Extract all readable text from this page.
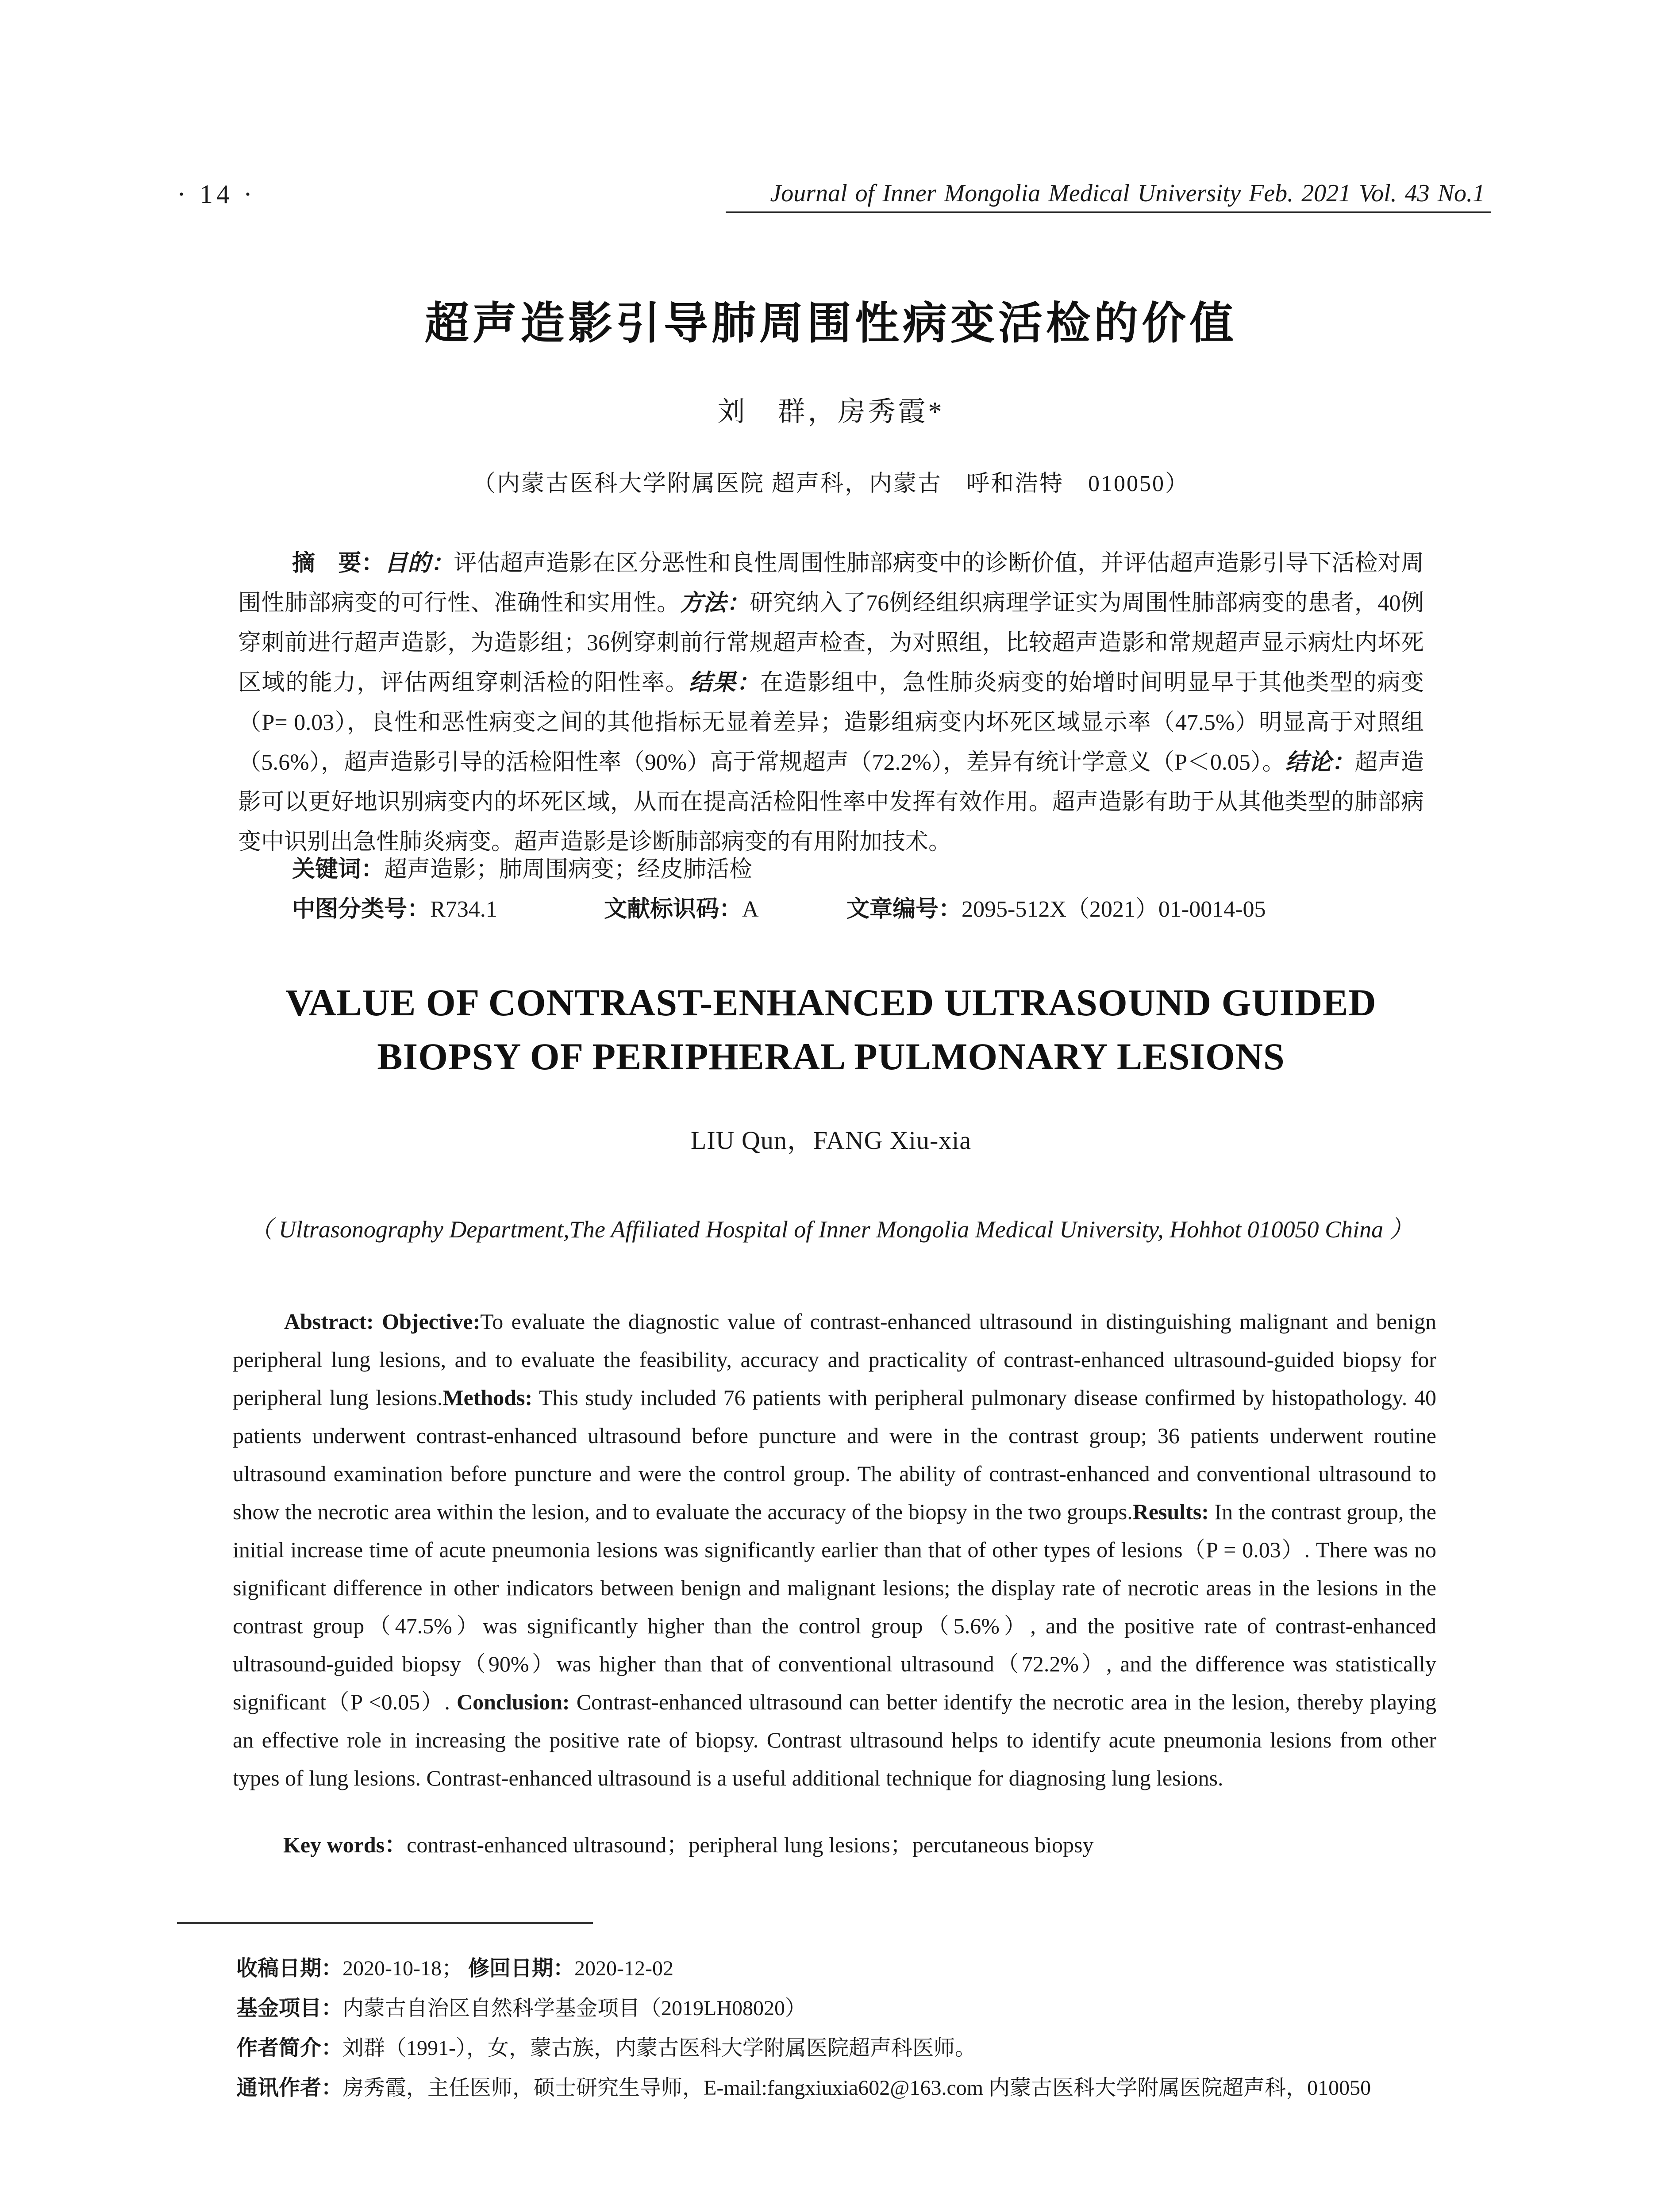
· 14 ·	Journal of Inner Mongolia Medical University Feb. 2021 Vol. 43 No.1
超声造影引导肺周围性病变活检的价值
刘　群，房秀霞*
（内蒙古医科大学附属医院 超声科，内蒙古　呼和浩特　010050）

摘　要：目的：评估超声造影在区分恶性和良性周围性肺部病变中的诊断价值，并评估超声造影引导下活检对周围性肺部病变的可行性、准确性和实用性。方法：研究纳入了76例经组织病理学证实为周围性肺部病变的患者，40例穿刺前进行超声造影，为造影组；36例穿刺前行常规超声检查，为对照组，比较超声造影和常规超声显示病灶内坏死区域的能力，评估两组穿刺活检的阳性率。结果：在造影组中，急性肺炎病变的始增时间明显早于其他类型的病变（P= 0.03），良性和恶性病变之间的其他指标无显着差异；造影组病变内坏死区域显示率（47.5%）明显高于对照组（5.6%），超声造影引导的活检阳性率（90%）高于常规超声（72.2%），差异有统计学意义（P＜0.05）。结论：超声造影可以更好地识别病变内的坏死区域，从而在提高活检阳性率中发挥有效作用。超声造影有助于从其他类型的肺部病变中识别出急性肺炎病变。超声造影是诊断肺部病变的有用附加技术。

关键词：超声造影；肺周围病变；经皮肺活检
中图分类号：R734.1	文献标识码：A	文章编号：2095-512X（2021）01-0014-05
VALUE OF CONTRAST-ENHANCED ULTRASOUND GUIDED
BIOPSY OF PERIPHERAL PULMONARY LESIONS
LIU Qun，FANG Xiu-xia
（ Ultrasonography Department,The Affiliated Hospital of Inner Mongolia Medical University, Hohhot 010050 China ）

Abstract: Objective:To evaluate the diagnostic value of contrast-enhanced ultrasound in distinguishing malignant and benign peripheral lung lesions, and to evaluate the feasibility, accuracy and practicality of contrast-enhanced ultrasound-guided biopsy for peripheral lung lesions.Methods: This study included 76 patients with peripheral pulmonary disease confirmed by histopathology. 40 patients underwent contrast-enhanced ultrasound before puncture and were in the contrast group; 36 patients underwent routine ultrasound examination before puncture and were the control group. The ability of contrast-enhanced and conventional ultrasound to show the necrotic area within the lesion, and to evaluate the accuracy of the biopsy in the two groups.Results: In the contrast group, the initial increase time of acute pneumonia lesions was significantly earlier than that of other types of lesions（P = 0.03）. There was no significant difference in other indicators between benign and malignant lesions; the display rate of necrotic areas in the lesions in the contrast group（47.5%）was significantly higher than the control group（5.6%）, and the positive rate of contrast-enhanced ultrasound-guided biopsy（90%）was higher than that of conventional ultrasound（72.2%）, and the difference was statistically significant（P <0.05）. Conclusion: Contrast-enhanced ultrasound can better identify the necrotic area in the lesion, thereby playing an effective role in increasing the positive rate of biopsy. Contrast ultrasound helps to identify acute pneumonia lesions from other types of lung lesions. Contrast-enhanced ultrasound is a useful additional technique for diagnosing lung lesions.

Key words：contrast-enhanced ultrasound；peripheral lung lesions；percutaneous biopsy
收稿日期：2020-10-18； 修回日期：2020-12-02
基金项目：内蒙古自治区自然科学基金项目（2019LH08020）
作者简介：刘群（1991-），女，蒙古族，内蒙古医科大学附属医院超声科医师。
通讯作者：房秀霞，主任医师，硕士研究生导师，E-mail:fangxiuxia602@163.com 内蒙古医科大学附属医院超声科，010050
